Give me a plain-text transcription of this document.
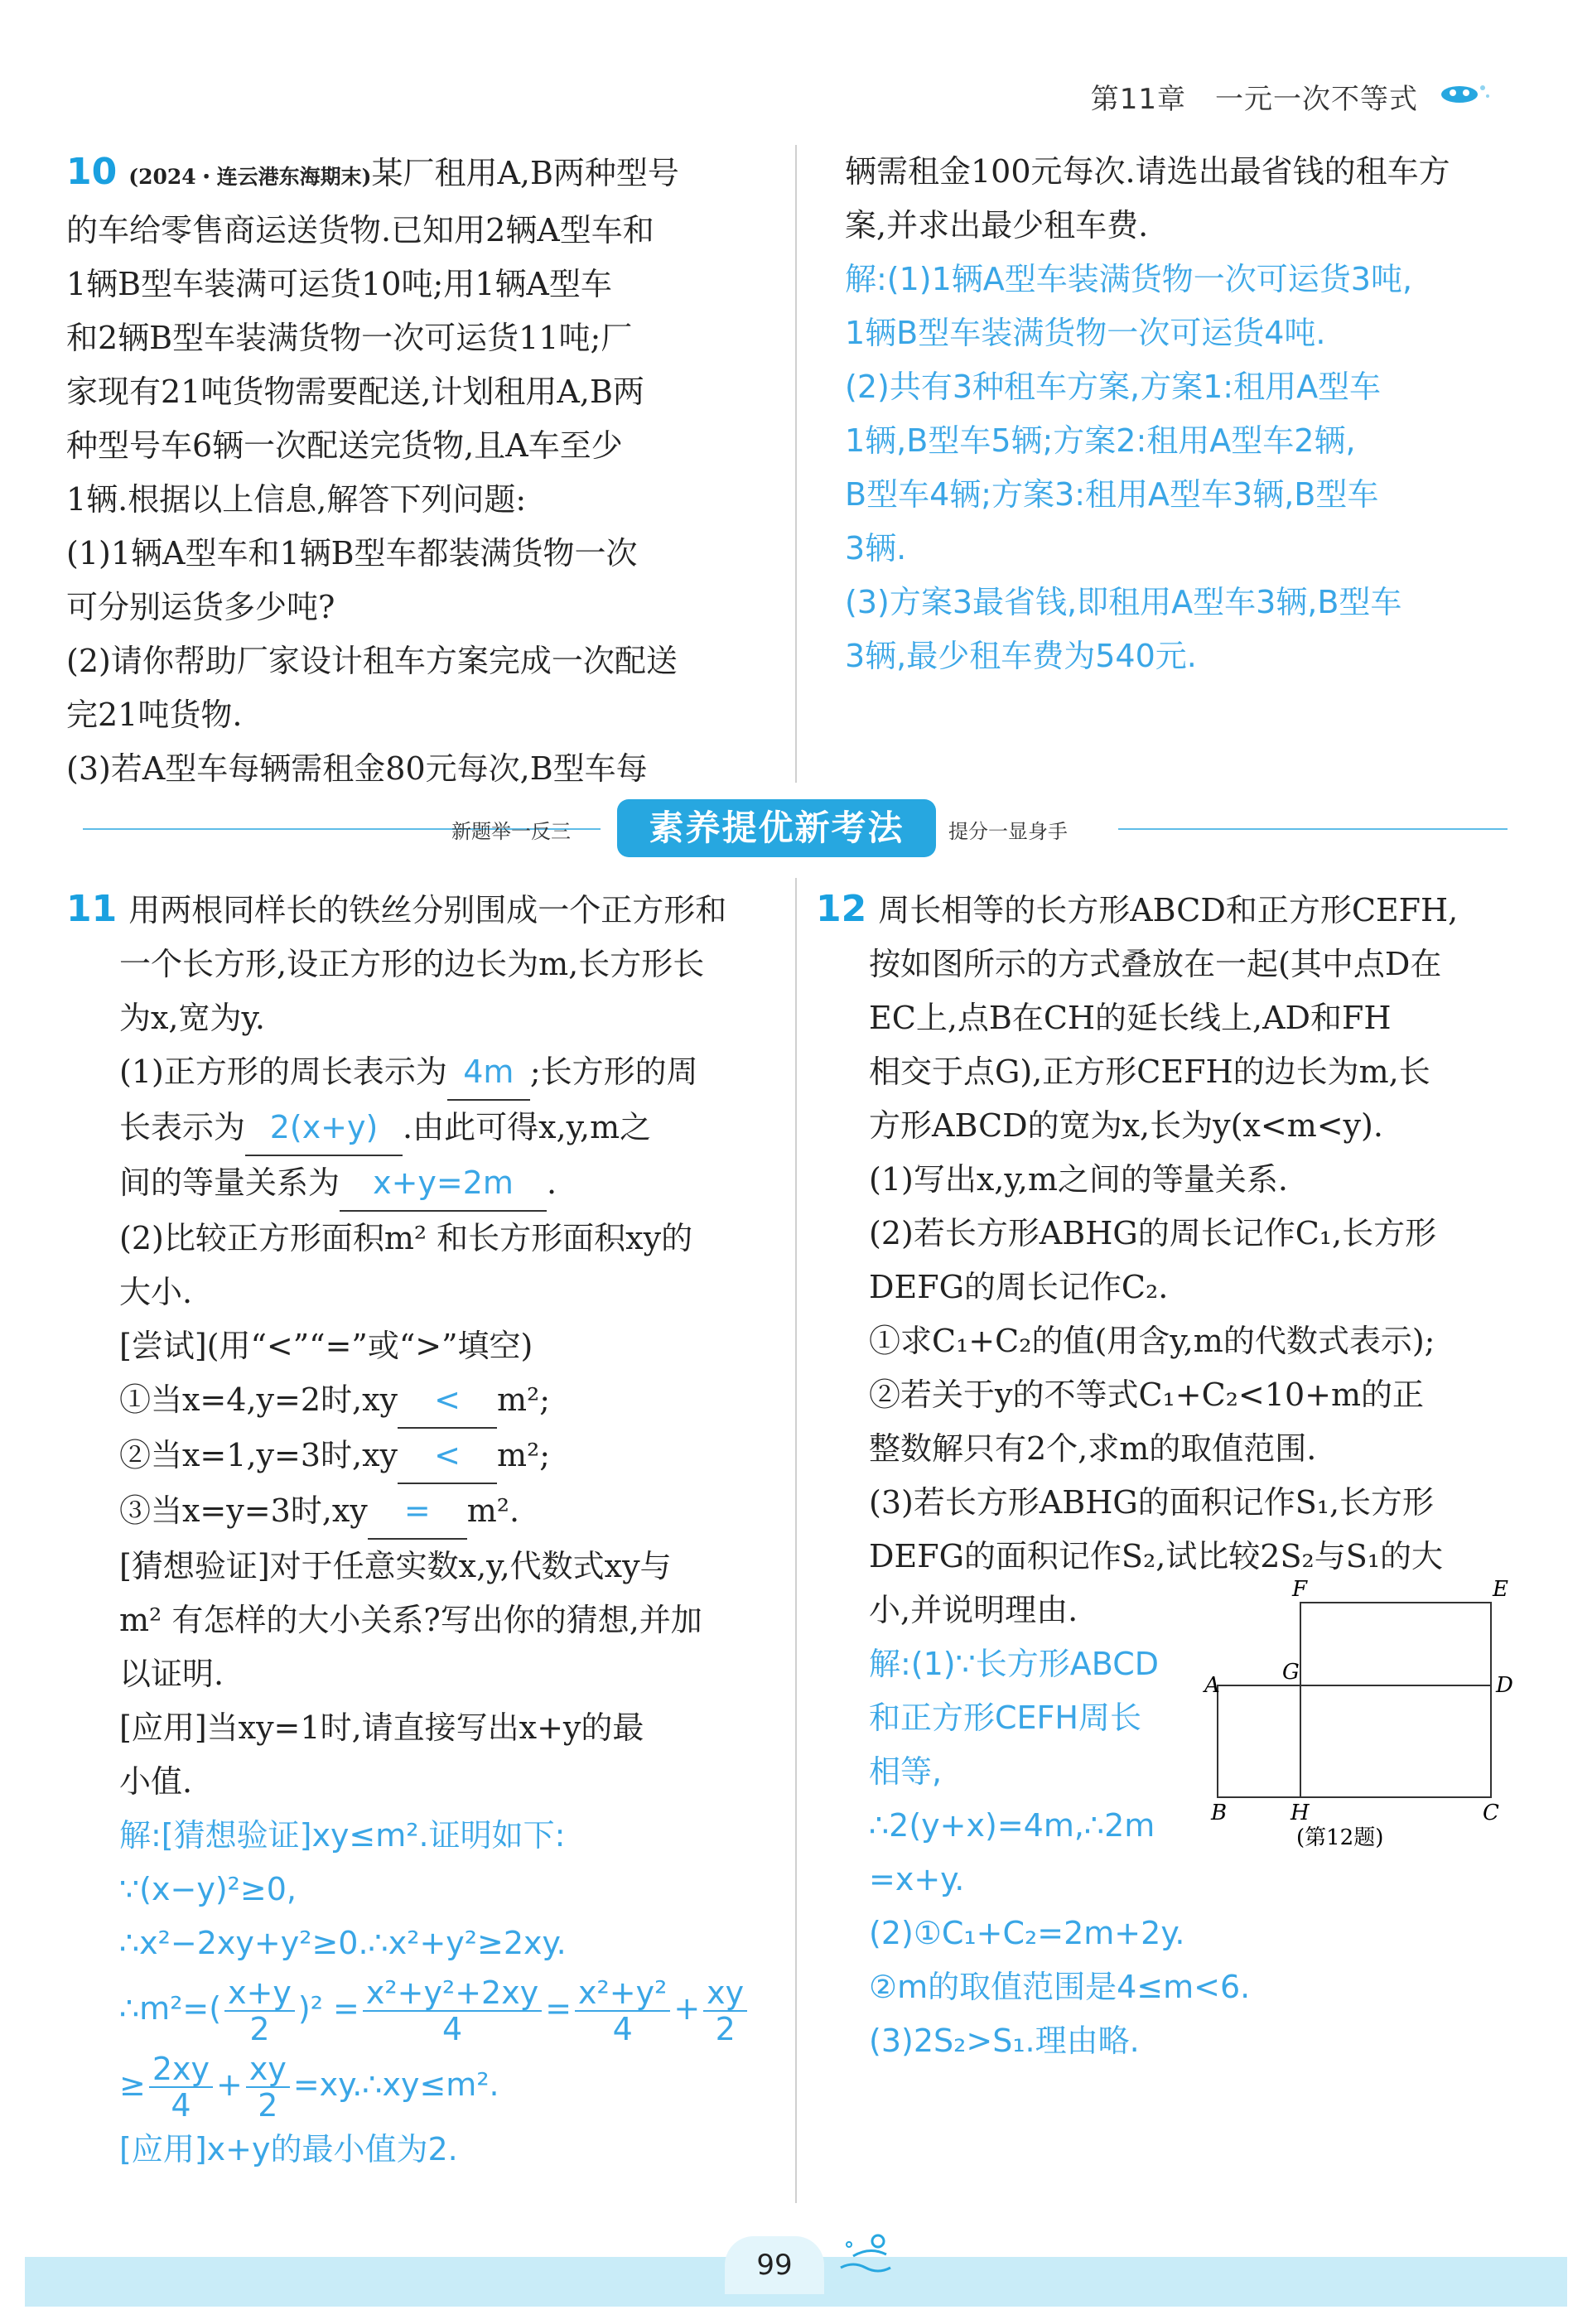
第11章　一元一次不等式

10 (2024・连云港东海期末)某厂租用A,B两种型号

的车给零售商运送货物.已知用2辆A型车和

1辆B型车装满可运货10吨;用1辆A型车

和2辆B型车装满货物一次可运货11吨;厂

家现有21吨货物需要配送,计划租用A,B两

种型号车6辆一次配送完货物,且A车至少

1辆.根据以上信息,解答下列问题:

(1)1辆A型车和1辆B型车都装满货物一次

可分别运货多少吨?

(2)请你帮助厂家设计租车方案完成一次配送

完21吨货物.

(3)若A型车每辆需租金80元每次,B型车每

辆需租金100元每次.请选出最省钱的租车方

案,并求出最少租车费.

解:(1)1辆A型车装满货物一次可运货3吨,

1辆B型车装满货物一次可运货4吨.

(2)共有3种租车方案,方案1:租用A型车

1辆,B型车5辆;方案2:租用A型车2辆,

B型车4辆;方案3:租用A型车3辆,B型车

3辆.

(3)方案3最省钱,即租用A型车3辆,B型车

3辆,最少租车费为540元.

新题举一反三	素养提优新考法	提分一显身手

11 用两根同样长的铁丝分别围成一个正方形和

一个长方形,设正方形的边长为m,长方形长

为x,宽为y.

(1)正方形的周长表示为 4m ;长方形的周

长表示为 2(x+y) .由此可得x,y,m之

间的等量关系为 x+y=2m .

(2)比较正方形面积m² 和长方形面积xy的

大小.

[尝试](用“<”“=”或“>”填空)

①当x=4,y=2时,xy < m²;

②当x=1,y=3时,xy < m²;

③当x=y=3时,xy = m².

[猜想验证]对于任意实数x,y,代数式xy与

m² 有怎样的大小关系?写出你的猜想,并加

以证明.

[应用]当xy=1时,请直接写出x+y的最

小值.

解:[猜想验证]xy≤m².证明如下:

∵(x−y)²≥0,

∴x²−2xy+y²≥0.∴x²+y²≥2xy.

∴m²=( $\frac{x+y}{2} )^2 = \frac{\text{x²+y²+2xy}}{4} = \frac{\text{x²+y²}}{4} + \frac{xy}{2}$

≥ $\frac{2xy}{4} + \frac{xy}{2}$ =xy.∴xy≤m².

[应用]x+y的最小值为2.

12 周长相等的长方形ABCD和正方形CEFH,

按如图所示的方式叠放在一起(其中点D在

EC上,点B在CH的延长线上,AD和FH

相交于点G),正方形CEFH的边长为m,长

方形ABCD的宽为x,长为y(x<m<y).

(1)写出x,y,m之间的等量关系.

(2)若长方形ABHG的周长记作C₁,长方形

DEFG的周长记作C₂.

①求C₁+C₂的值(用含y,m的代数式表示);

②若关于y的不等式C₁+C₂<10+m的正

整数解只有2个,求m的取值范围.

(3)若长方形ABHG的面积记作S₁,长方形

DEFG的面积记作S₂,试比较2S₂与S₁的大

小,并说明理由.

解:(1)∵长方形ABCD

和正方形CEFH周长

相等,

∴2(y+x)=4m,∴2m

=x+y.

(2)①C₁+C₂=2m+2y.

②m的取值范围是4≤m<6.

(3)2S₂>S₁.理由略.

F	E
A
G
D
B	H	C
(第12题)
99
